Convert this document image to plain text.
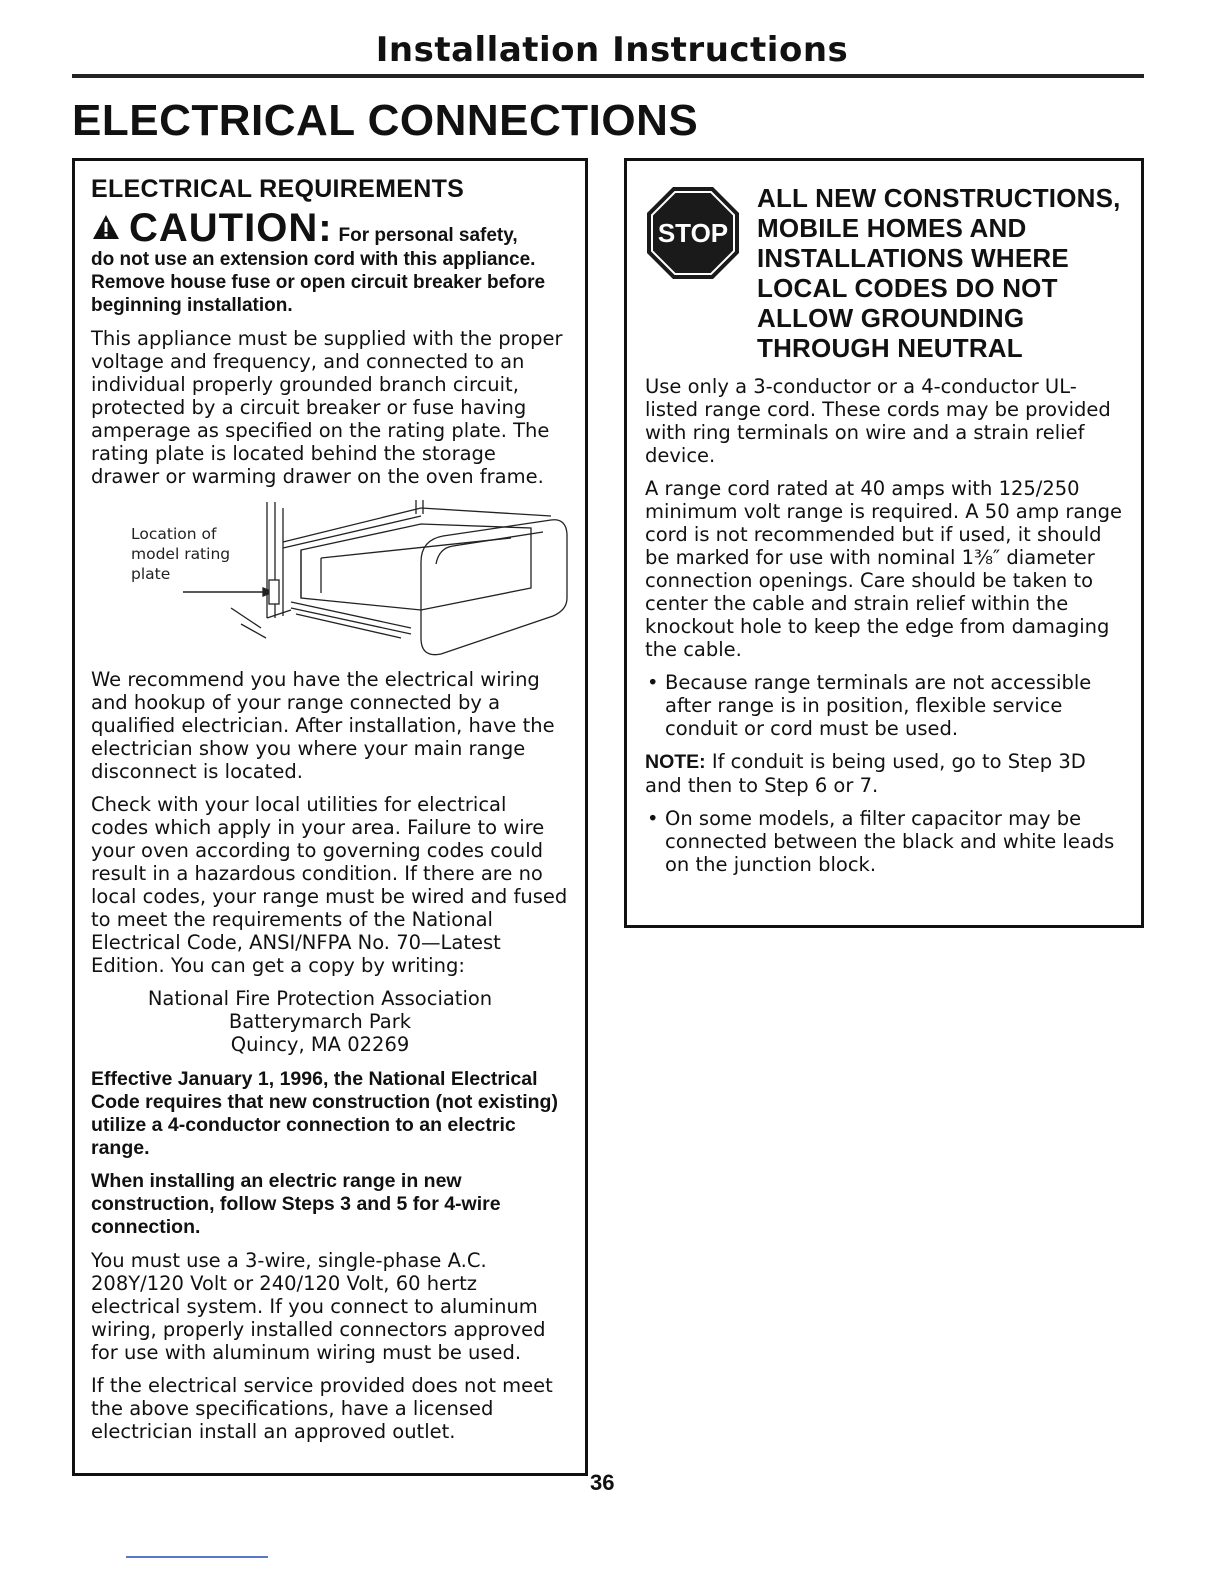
Installation Instructions
ELECTRICAL CONNECTIONS
ELECTRICAL REQUIREMENTS

CAUTION: For personal safety,

do not use an extension cord with this appliance. Remove house fuse or open circuit breaker before beginning installation.

This appliance must be supplied with the proper voltage and frequency, and connected to an individual properly grounded branch circuit, protected by a circuit breaker or fuse having amperage as specified on the rating plate. The rating plate is located behind the storage drawer or warming drawer on the oven frame.

Location of
model rating
plate

We recommend you have the electrical wiring and hookup of your range connected by a qualified electrician. After installation, have the electrician show you where your main range disconnect is located.

Check with your local utilities for electrical codes which apply in your area. Failure to wire your oven according to governing codes could result in a hazardous condition. If there are no local codes, your range must be wired and fused to meet the requirements of the National Electrical Code, ANSI/NFPA No. 70—Latest Edition. You can get a copy by writing:

National Fire Protection Association
Batterymarch Park
Quincy, MA 02269

Effective January 1, 1996, the National Electrical Code requires that new construction (not existing) utilize a 4-conductor connection to an electric range.

When installing an electric range in new construction, follow Steps 3 and 5 for 4-wire connection.

You must use a 3-wire, single-phase A.C. 208Y/120 Volt or 240/120 Volt, 60 hertz electrical system. If you connect to aluminum wiring, properly installed connectors approved for use with aluminum wiring must be used.

If the electrical service provided does not meet the above specifications, have a licensed electrician install an approved outlet.

STOP
ALL NEW CONSTRUCTIONS,
MOBILE HOMES AND
INSTALLATIONS WHERE
LOCAL CODES DO NOT
ALLOW GROUNDING
THROUGH NEUTRAL

Use only a 3-conductor or a 4-conductor UL-listed range cord. These cords may be provided with ring terminals on wire and a strain relief device.

A range cord rated at 40 amps with 125/250 minimum volt range is required. A 50 amp range cord is not recommended but if used, it should be marked for use with nominal 1³⁄₈″ diameter connection openings. Care should be taken to center the cable and strain relief within the knockout hole to keep the edge from damaging the cable.

• Because range terminals are not accessible after range is in position, flexible service conduit or cord must be used.

NOTE: If conduit is being used, go to Step 3D and then to Step 6 or 7.

• On some models, a filter capacitor may be connected between the black and white leads on the junction block.
36
